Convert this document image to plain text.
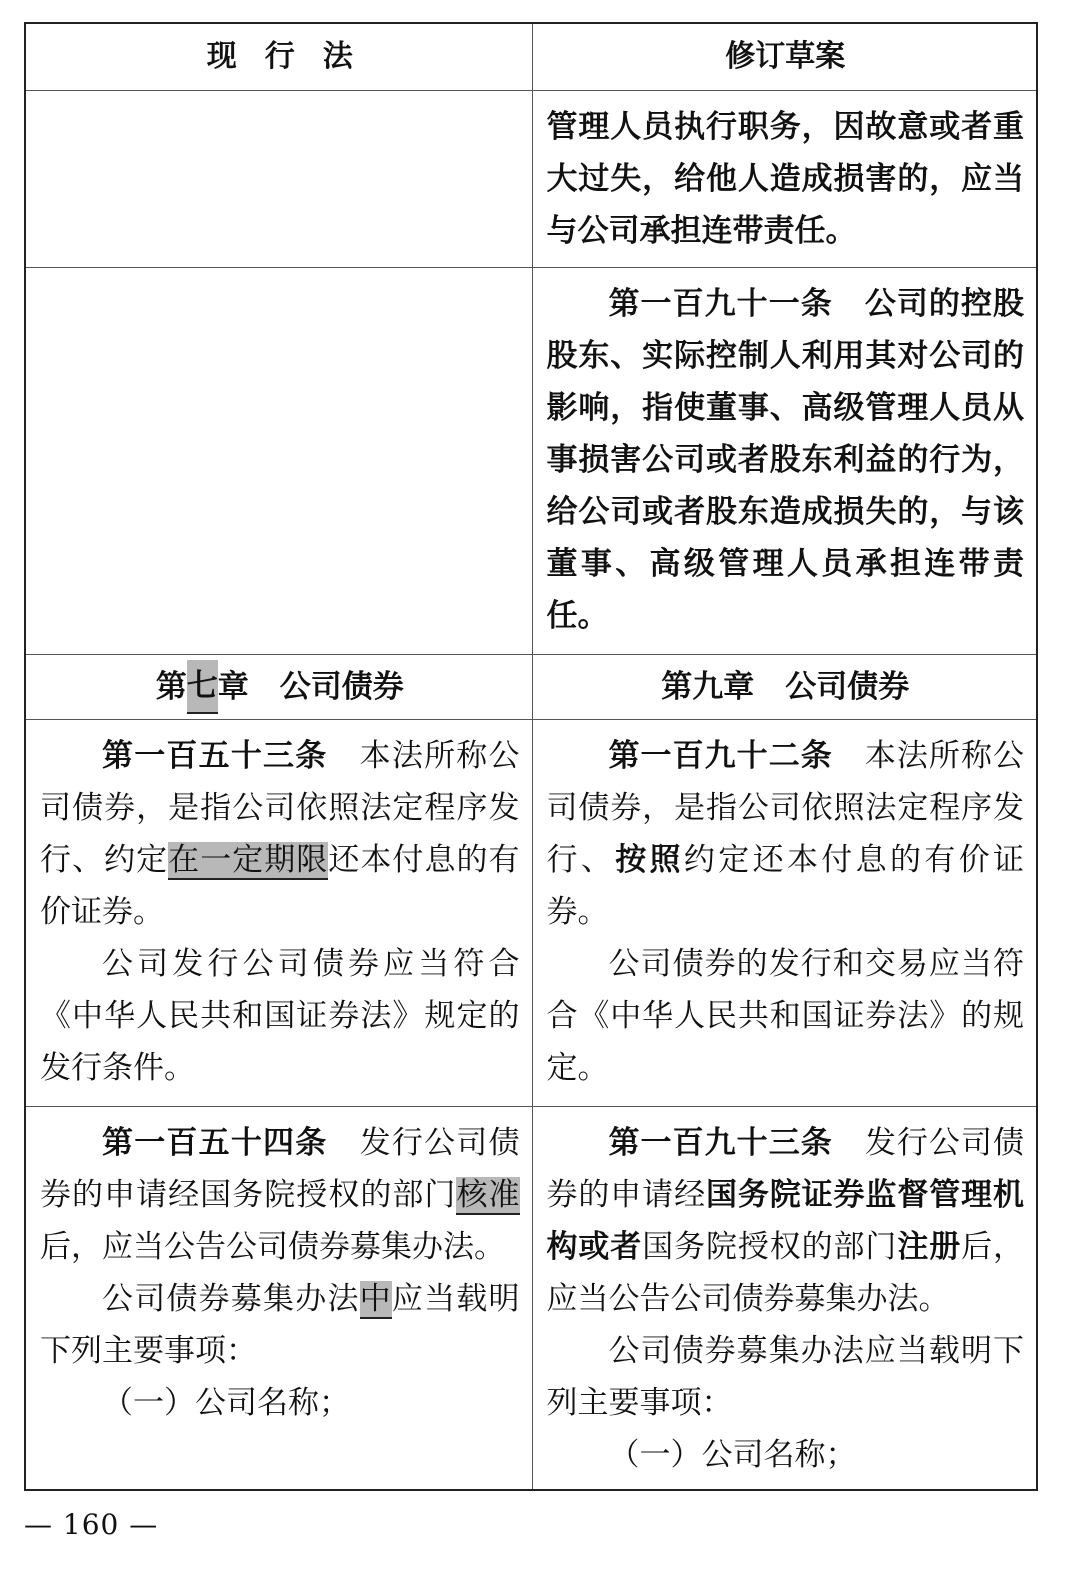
现行法	修订草案

管理人员执行职务，因故意或者重大过失，给他人造成损害的，应当与公司承担连带责任。

第一百九十一条 公司的控股股东、实际控制人利用其对公司的影响，指使董事、高级管理人员从事损害公司或者股东利益的行为，给公司或者股东造成损失的，与该董事、高级管理人员承担连带责任。

第 七 章 公司债券	第九章 公司债券

第一百五十三条 本法所称公司债券，是指公司依照法定程序发行、约定在一定期限还本付息的有价证券。

公司发行公司债券应当符合《中华人民共和国证券法》规定的发行条件。

第一百九十二条 本法所称公司债券，是指公司依照法定程序发行、按照约定还本付息的有价证券。

公司债券的发行和交易应当符合《中华人民共和国证券法》的规定。

第一百五十四条 发行公司债券的申请经国务院授权的部门核准后，应当公告公司债券募集办法。

公司债券募集办法中应当载明下列主要事项：

（一）公司名称；

第一百九十三条 发行公司债券的申请经国务院证券监督管理机构或者国务院授权的部门注册后，应当公告公司债券募集办法。

公司债券募集办法应当载明下列主要事项：

（一）公司名称；

— 160 —
